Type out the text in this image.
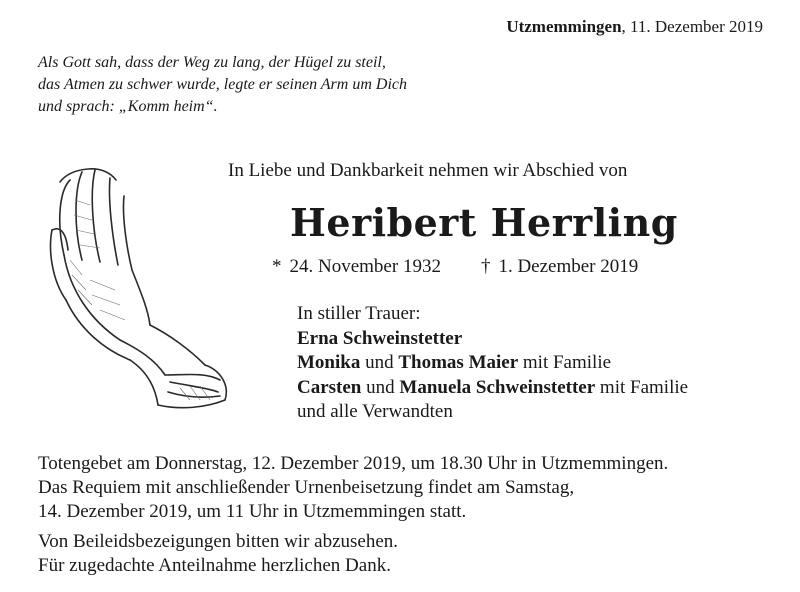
Utzmemmingen, 11. Dezember 2019
Als Gott sah, dass der Weg zu lang, der Hügel zu steil,
das Atmen zu schwer wurde, legte er seinen Arm um Dich
und sprach: „Komm heim“.
In Liebe und Dankbarkeit nehmen wir Abschied von
Heribert Herrling
* 24. November 1932 † 1. Dezember 2019
In stiller Trauer:
Erna Schweinstetter
Monika und Thomas Maier mit Familie
Carsten und Manuela Schweinstetter mit Familie
und alle Verwandten
Totengebet am Donnerstag, 12. Dezember 2019, um 18.30 Uhr in Utzmemmingen.
Das Requiem mit anschließender Urnenbeisetzung findet am Samstag,
14. Dezember 2019, um 11 Uhr in Utzmemmingen statt.
Von Beileidsbezeigungen bitten wir abzusehen.
Für zugedachte Anteilnahme herzlichen Dank.
